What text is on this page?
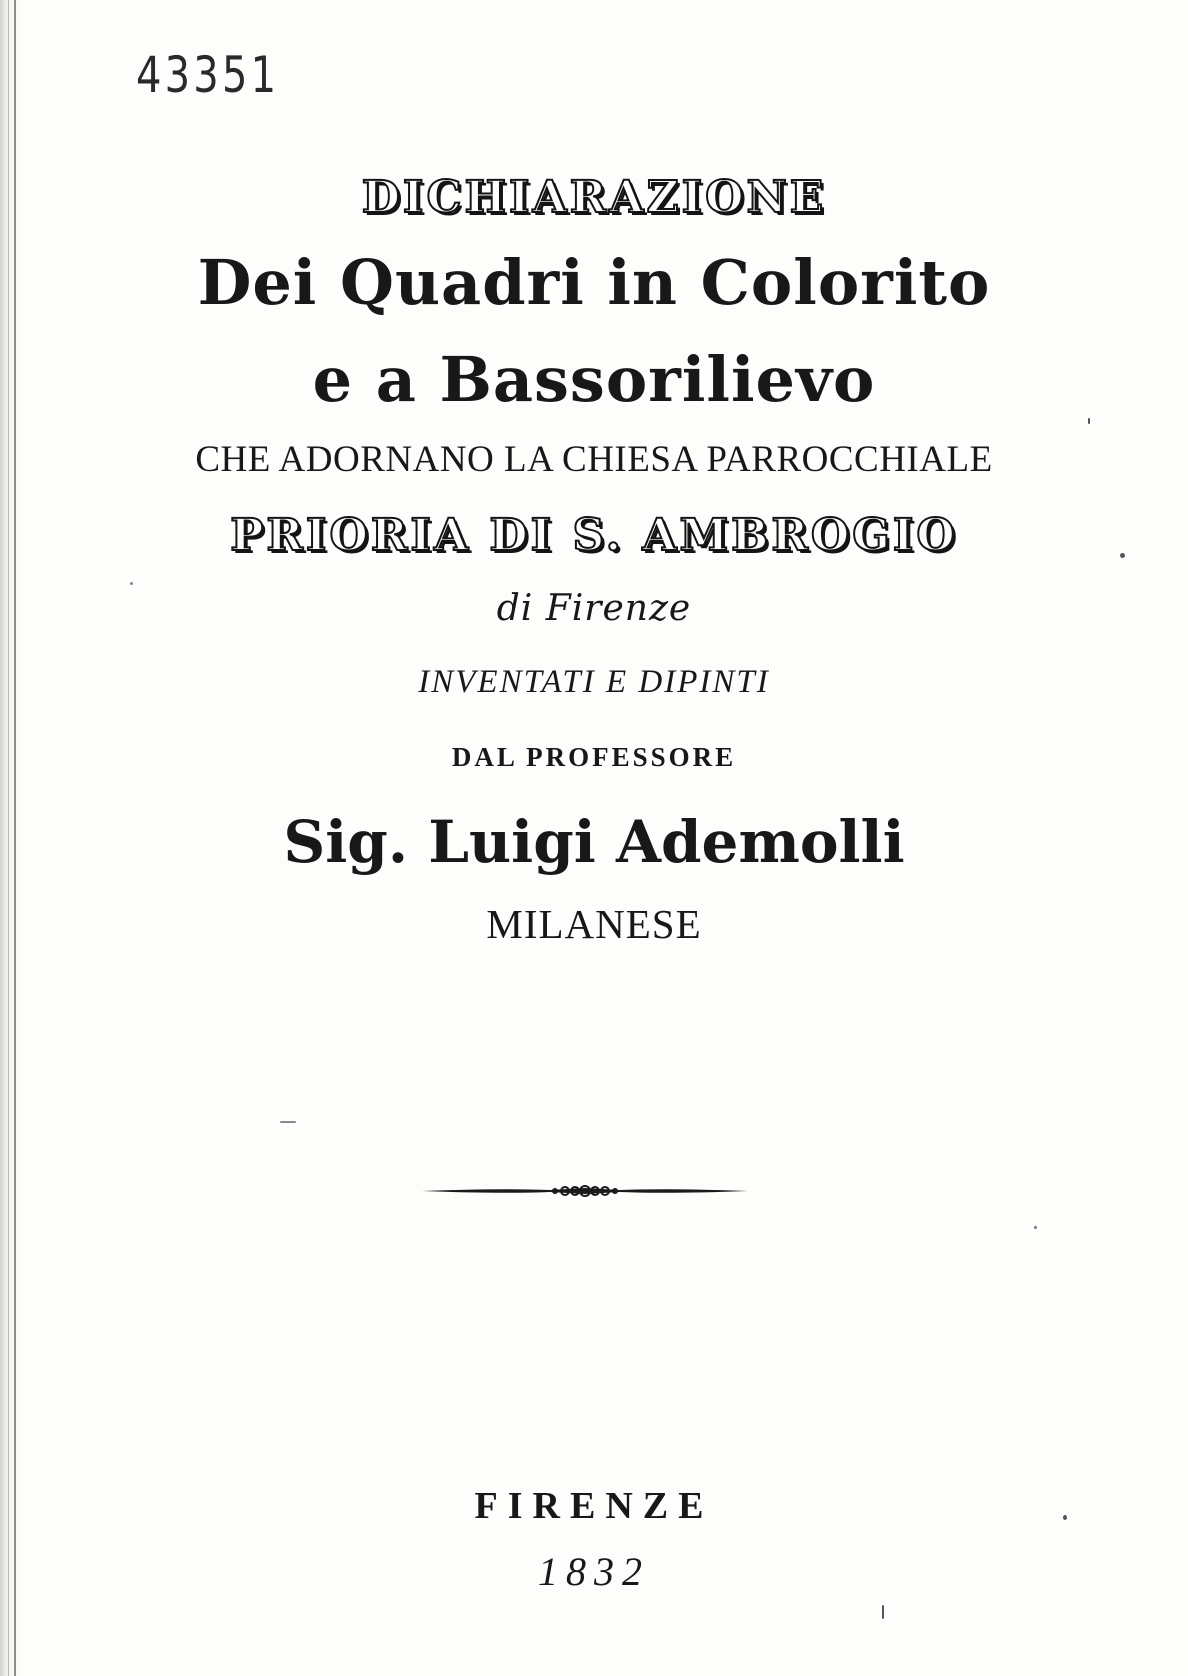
43351
DICHIARAZIONE
Dei Quadri in Colorito
e a Bassorilievo
CHE ADORNANO LA CHIESA PARROCCHIALE
PRIORIA DI S. AMBROGIO
di Firenze
INVENTATI E DIPINTI
DAL PROFESSORE
Sig. Luigi Ademolli
MILANESE
FIRENZE
1832
